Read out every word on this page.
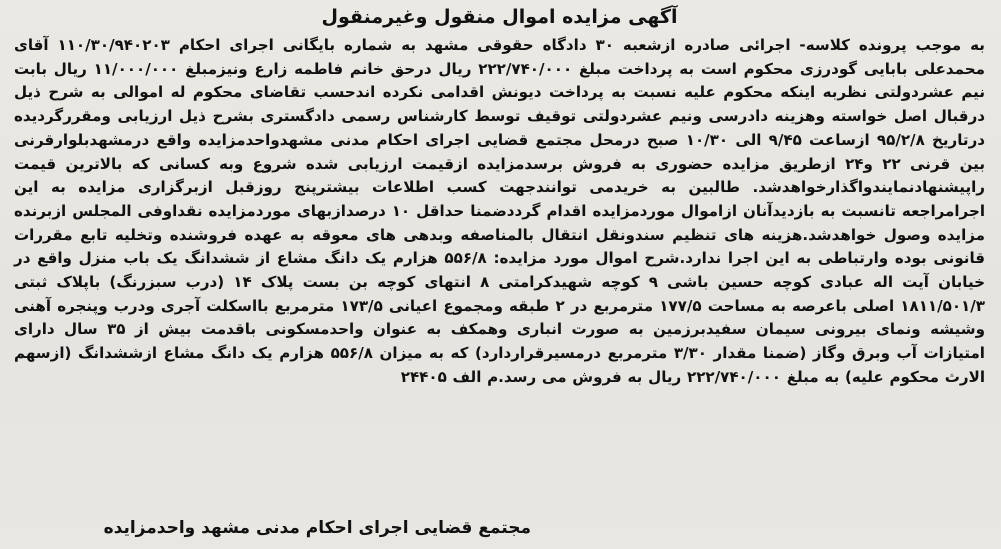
آگهی مزایده اموال منقول وغیرمنقول

به موجب پرونده کلاسه- اجرائی صادره ازشعبه ۳۰ دادگاه حقوقی مشهد به شماره بایگانی اجرای احکام ۱۱۰/۳۰/۹۴۰۲۰۳ آقای محمدعلی بابایی گودرزی محکوم است به پرداخت مبلغ ۲۲۲/۷۴۰/۰۰۰ ریال درحق خانم فاطمه زارع ونیزمبلغ ۱۱/۰۰۰/۰۰۰ ریال بابت نیم عشردولتی نظربه اینکه محکوم علیه نسبت به پرداخت دیونش اقدامی نکرده اندحسب تقاضای محکوم له اموالی به شرح ذیل درقبال اصل خواسته وهزینه دادرسی ونیم عشردولتی توقیف توسط کارشناس رسمی دادگستری بشرح ذیل ارزیابی ومقررگردیده درتاریخ ۹۵/۲/۸ ازساعت ۹/۴۵ الی ۱۰/۳۰ صبح درمحل مجتمع قضایی اجرای احکام مدنی مشهدواحدمزایده واقع درمشهدبلوارقرنی بین قرنی ۲۲ و۲۴ ازطریق مزایده حضوری به فروش برسدمزایده ازقیمت ارزیابی شده شروع وبه کسانی که بالاترین قیمت راپیشنهادنمایندواگذارخواهدشد. طالبین به خریدمی توانندجهت کسب اطلاعات بیشترپنج روزقبل ازبرگزاری مزایده به این اجرامراجعه تانسبت به بازدیدآنان ازاموال موردمزایده اقدام گرددضمنا حداقل ۱۰ درصدازبهای موردمزایده نقداوفی المجلس ازبرنده مزایده وصول خواهدشد.هزینه های تنظیم سندونقل انتقال بالمناصفه وبدهی های معوقه به عهده فروشنده وتخلیه تابع مقررات قانونی بوده وارتباطی به این اجرا ندارد.شرح اموال مورد مزایده: ۵۵۶/۸ هزارم یک دانگ مشاع از ششدانگ یک باب منزل واقع در خیابان آیت اله عبادی کوچه حسین باشی ۹ کوچه شهیدکرامتی ۸ انتهای کوچه بن بست پلاک ۱۴ (درب سبزرنگ) باپلاک ثبتی ۱۸۱۱/۵۰۱/۳ اصلی باعرصه به مساحت ۱۷۷/۵ مترمربع در ۲ طبقه ومجموع اعیانی ۱۷۳/۵ مترمربع بااسکلت آجری ودرب وپنجره آهنی وشیشه ونمای بیرونی سیمان سفیدبرزمین به صورت انباری وهمکف به عنوان واحدمسکونی باقدمت بیش از ۳۵ سال دارای امتیازات آب وبرق وگاز (ضمنا مقدار ۳/۳۰ مترمربع درمسیرقراردارد) که به میزان ۵۵۶/۸ هزارم یک دانگ مشاع ازششدانگ (ازسهم الارث محکوم علیه) به مبلغ ۲۲۲/۷۴۰/۰۰۰ ریال به فروش می رسد.م الف ۲۴۴۰۵

مجتمع قضایی اجرای احکام مدنی مشهد واحدمزایده
